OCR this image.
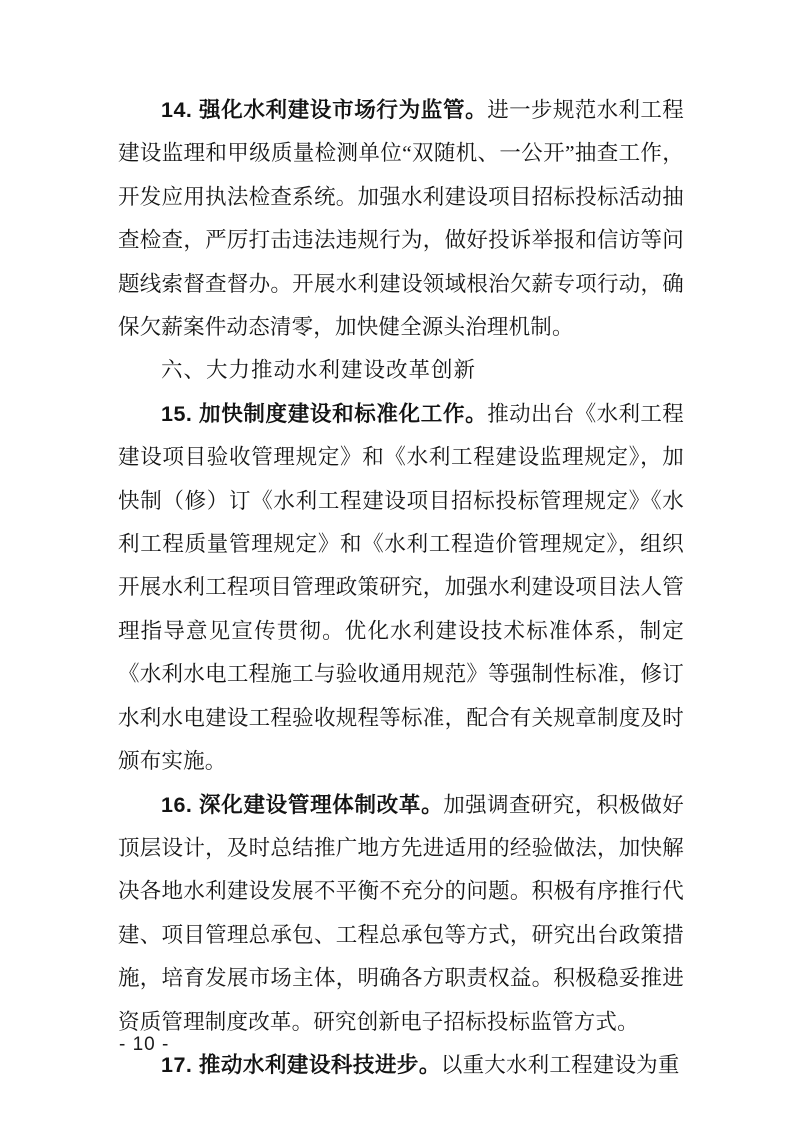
14. 强化水利建设市场行为监管。进一步规范水利工程建设监理和甲级质量检测单位“双随机、一公开”抽查工作，开发应用执法检查系统。加强水利建设项目招标投标活动抽查检查，严厉打击违法违规行为，做好投诉举报和信访等问题线索督查督办。开展水利建设领域根治欠薪专项行动，确保欠薪案件动态清零，加快健全源头治理机制。

六、大力推动水利建设改革创新

15. 加快制度建设和标准化工作。推动出台《水利工程建设项目验收管理规定》和《水利工程建设监理规定》，加快制（修）订《水利工程建设项目招标投标管理规定》《水利工程质量管理规定》和《水利工程造价管理规定》，组织开展水利工程项目管理政策研究，加强水利建设项目法人管理指导意见宣传贯彻。优化水利建设技术标准体系，制定《水利水电工程施工与验收通用规范》等强制性标准，修订水利水电建设工程验收规程等标准，配合有关规章制度及时颁布实施。

16. 深化建设管理体制改革。加强调查研究，积极做好顶层设计，及时总结推广地方先进适用的经验做法，加快解决各地水利建设发展不平衡不充分的问题。积极有序推行代建、项目管理总承包、工程总承包等方式，研究出台政策措施，培育发展市场主体，明确各方职责权益。积极稳妥推进资质管理制度改革。研究创新电子招标投标监管方式。

17. 推动水利建设科技进步。以重大水利工程建设为重

- 10 -
